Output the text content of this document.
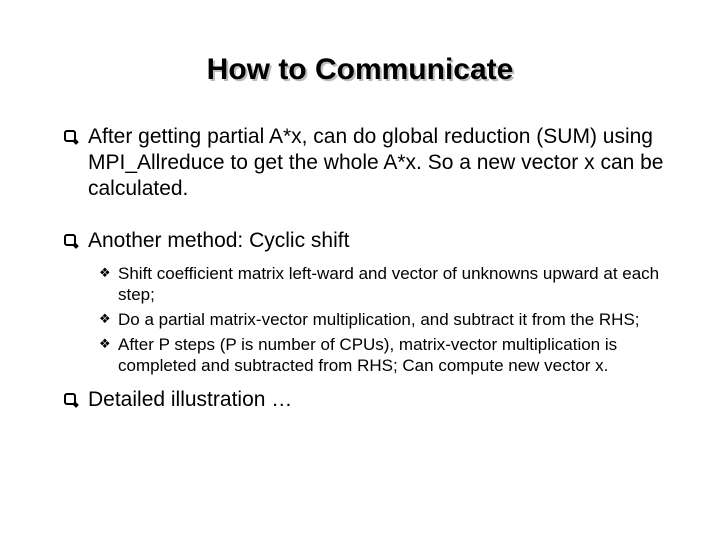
How to Communicate
After getting partial A*x, can do global reduction (SUM) using MPI_Allreduce to get the whole A*x. So a new vector x can be calculated.
Another method: Cyclic shift
❖ Shift coefficient matrix left-ward and vector of unknowns upward at each step;
❖ Do a partial matrix-vector multiplication, and subtract it from the RHS;
❖ After P steps (P is number of CPUs), matrix-vector multiplication is completed and subtracted from RHS; Can compute new vector x.
Detailed illustration …
